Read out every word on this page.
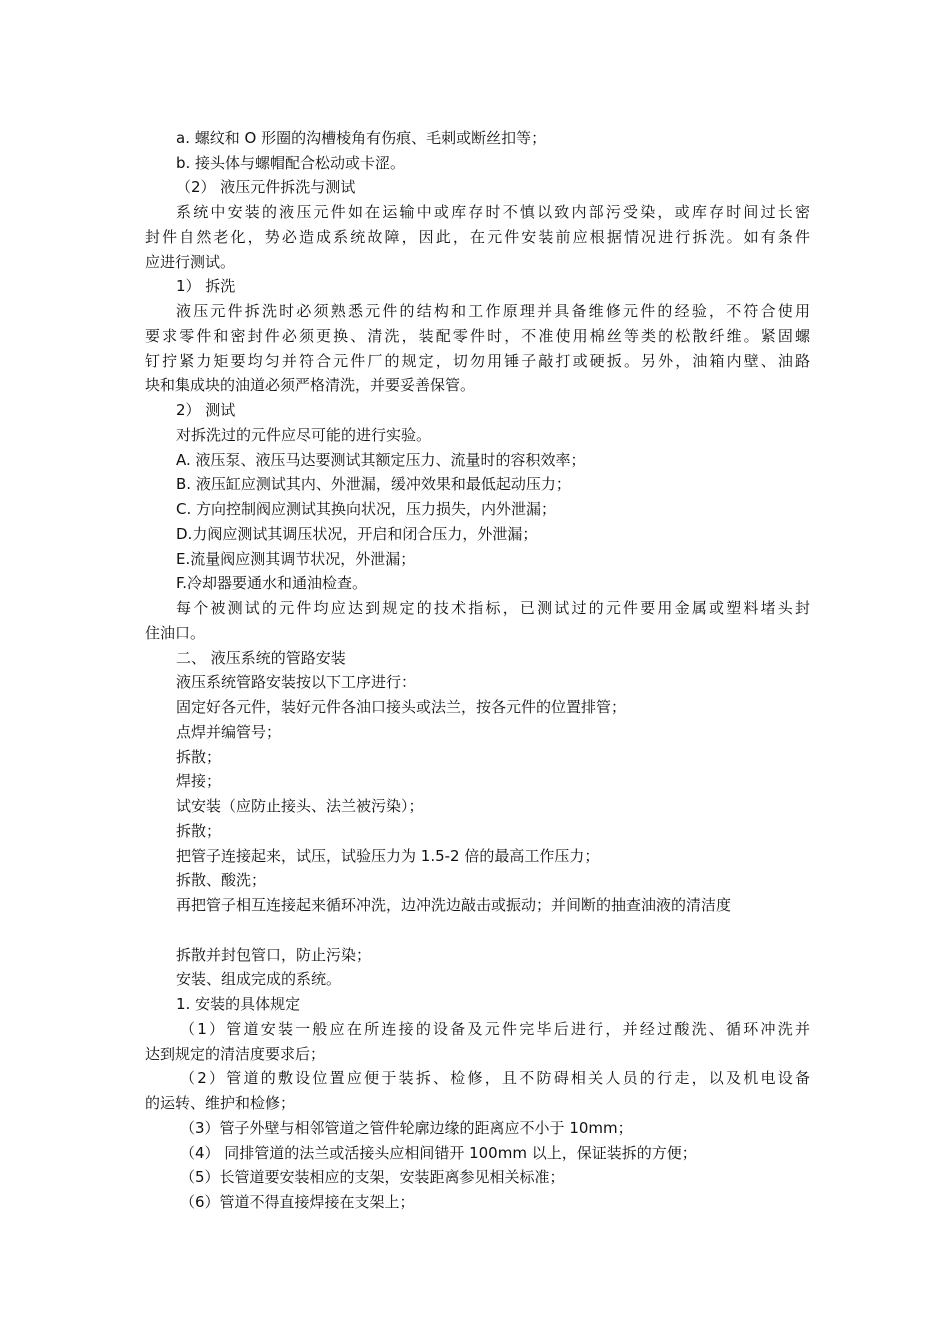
a. 螺纹和 O 形圈的沟槽棱角有伤痕、毛刺或断丝扣等；
b. 接头体与螺帽配合松动或卡涩。
（2） 液压元件拆洗与测试
系统中安装的液压元件如在运输中或库存时不慎以致内部污受染，或库存时间过长密
封件自然老化，势必造成系统故障，因此，在元件安装前应根据情况进行拆洗。如有条件
应进行测试。
1） 拆洗
液压元件拆洗时必须熟悉元件的结构和工作原理并具备维修元件的经验，不符合使用
要求零件和密封件必须更换、清洗，装配零件时，不准使用棉丝等类的松散纤维。紧固螺
钉拧紧力矩要均匀并符合元件厂的规定，切勿用锤子敲打或硬扳。另外，油箱内壁、油路
块和集成块的油道必须严格清洗，并要妥善保管。
2） 测试
对拆洗过的元件应尽可能的进行实验。
A. 液压泵、液压马达要测试其额定压力、流量时的容积效率；
B. 液压缸应测试其内、外泄漏，缓冲效果和最低起动压力；
C. 方向控制阀应测试其换向状况，压力损失，内外泄漏；
D.力阀应测试其调压状况，开启和闭合压力，外泄漏；
E.流量阀应测其调节状况，外泄漏；
F.冷却器要通水和通油检查。
每个被测试的元件均应达到规定的技术指标，已测试过的元件要用金属或塑料堵头封
住油口。
二、 液压系统的管路安装
液压系统管路安装按以下工序进行：
固定好各元件，装好元件各油口接头或法兰，按各元件的位置排管；
点焊并编管号；
拆散；
焊接；
试安装（应防止接头、法兰被污染）；
拆散；
把管子连接起来，试压，试验压力为 1.5-2 倍的最高工作压力；
拆散、酸洗；
再把管子相互连接起来循环冲洗，边冲洗边敲击或振动；并间断的抽查油液的清洁度
拆散并封包管口，防止污染；
安装、组成完成的系统。
1. 安装的具体规定
（1）管道安装一般应在所连接的设备及元件完毕后进行，并经过酸洗、循环冲洗并
达到规定的清洁度要求后；
（2）管道的敷设位置应便于装拆、检修，且不防碍相关人员的行走，以及机电设备
的运转、维护和检修；
（3）管子外壁与相邻管道之管件轮廓边缘的距离应不小于 10mm；
（4） 同排管道的法兰或活接头应相间错开 100mm 以上，保证装拆的方便；
（5）长管道要安装相应的支架，安装距离参见相关标准；
（6）管道不得直接焊接在支架上；
